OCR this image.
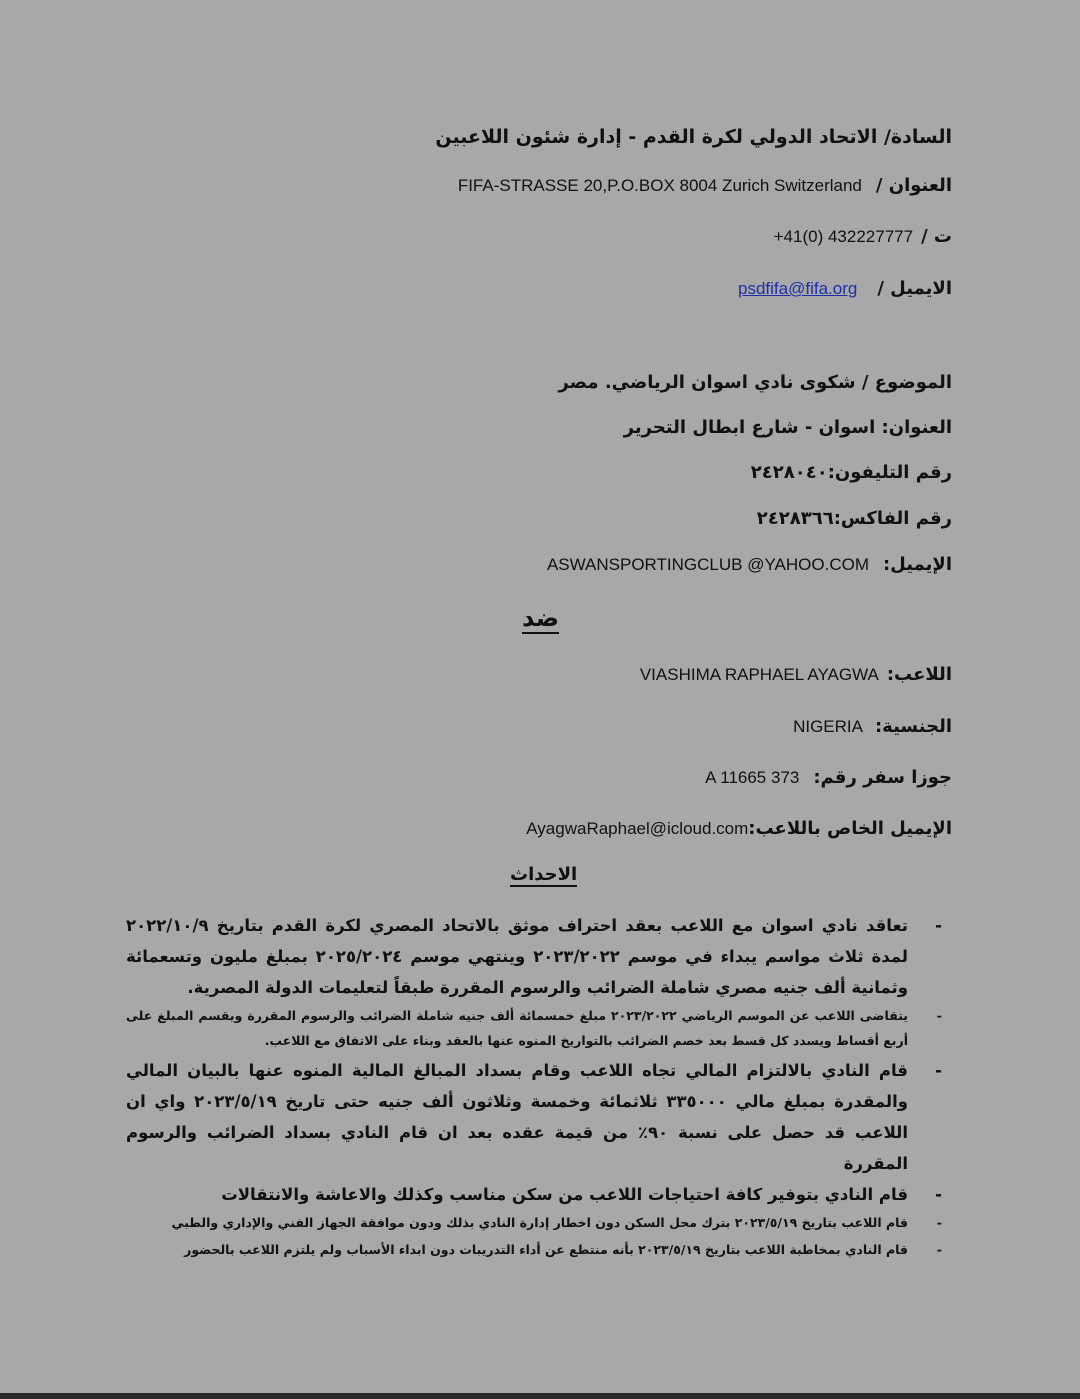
السادة/ الاتحاد الدولي لكرة القدم - إدارة شئون اللاعبين
العنوان /FIFA-STRASSE 20,P.O.BOX 8004 Zurich Switzerland
ت /+41(0) 432227777
الايميل /psdfifa@fifa.org
الموضوع / شكوى نادي اسوان الرياضي. مصر
العنوان: اسوان - شارع ابطال التحرير
رقم التليفون:٢٤٢٨٠٤٠
رقم الفاكس:٢٤٢٨٣٦٦
الإيميل:ASWANSPORTINGCLUB @YAHOO.COM
ضد
اللاعب:VIASHIMA RAPHAEL AYAGWA
الجنسية:NIGERIA
جوزا سفر رقم:A 11665 373
الإيميل الخاص باللاعب:AyagwaRaphael@icloud.com
الاحداث
- تعاقد نادي اسوان مع اللاعب بعقد احتراف موثق بالاتحاد المصري لكرة القدم بتاريخ ٢٠٢٢/١٠/٩ لمدة ثلاث مواسم يبداء في موسم ٢٠٢٣/٢٠٢٢ وينتهي موسم ٢٠٢٥/٢٠٢٤ بمبلغ مليون وتسعمائة وثمانية ألف جنيه مصري شاملة الضرائب والرسوم المقررة طبقاً لتعليمات الدولة المصرية.
- يتقاضى اللاعب عن الموسم الرياضي ٢٠٢٣/٢٠٢٢ مبلغ خمسمائة ألف جنيه شاملة الضرائب والرسوم المقررة ويقسم المبلغ على أربع أقساط ويسدد كل قسط بعد خصم الضرائب بالتواريخ المنوه عنها بالعقد وبناء على الاتفاق مع اللاعب.
- قام النادي بالالتزام المالي تجاه اللاعب وقام بسداد المبالغ المالية المنوه عنها بالبيان المالي والمقدرة بمبلغ مالي ٣٣٥٠٠٠ ثلاثمائة وخمسة وثلاثون ألف جنيه حتى تاريخ ٢٠٢٣/٥/١٩ واي ان اللاعب قد حصل على نسبة ٩٠٪ من قيمة عقده بعد ان قام النادي بسداد الضرائب والرسوم المقررة
- قام النادي بتوفير كافة احتياجات اللاعب من سكن مناسب وكذلك والاعاشة والانتقالات
- قام اللاعب بتاريخ ٢٠٢٣/٥/١٩ بترك محل السكن دون اخطار إدارة النادي بذلك ودون موافقة الجهاز الفني والإداري والطبي
- قام النادي بمخاطبة اللاعب بتاريخ ٢٠٢٣/٥/١٩ بأنه منتطع عن أداء التدريبات دون ابداء الأسباب ولم يلتزم اللاعب بالحضور
